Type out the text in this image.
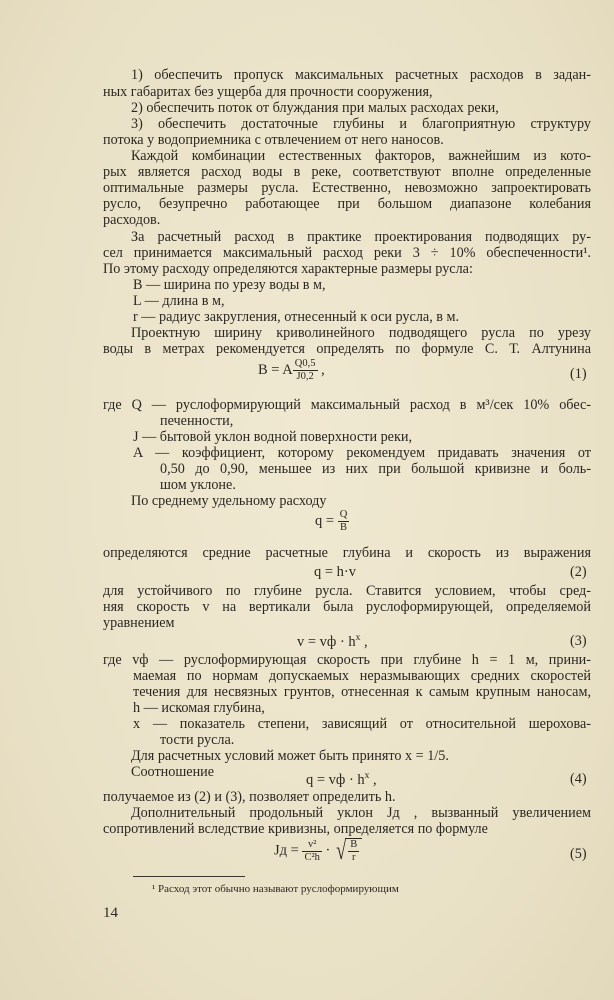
1) обеспечить пропуск максимальных расчетных расходов в задан-
ных габаритах без ущерба для прочности сооружения,
2) обеспечить поток от блуждания при малых расходах реки,
3) обеспечить достаточные глубины и благоприятную структуру
потока у водоприемника с отвлечением от него наносов.
Каждой комбинации естественных факторов, важнейшим из кото-
рых является расход воды в реке, соответствуют вполне определенные
оптимальные размеры русла. Естественно, невозможно запроектировать
русло, безупречно работающее при большом диапазоне колебания
расходов.
За расчетный расход в практике проектирования подводящих ру-
сел принимается максимальный расход реки 3 ÷ 10% обеспеченности¹.
По этому расходу определяются характерные размеры русла:
B — ширина по урезу воды в м,
L — длина в м,
r — радиус закругления, отнесенный к оси русла, в м.
Проектную ширину криволинейного подводящего русла по урезу
воды в метрах рекомендуется определять по формуле С. Т. Алтунина
B = A $\frac{Q0,5}{J0,2}$ ,	(1)
где Q — руслоформирующий максимальный расход в м³/сек 10% обес-
печенности,
J — бытовой уклон водной поверхности реки,
A — коэффициент, которому рекомендуем придавать значения от
0,50 до 0,90, меньшее из них при большой кривизне и боль-
шом уклоне.
По среднему удельному расходу
$q = \frac{Q}{B}$
определяются средние расчетные глубина и скорость из выражения
q = h·v	(2)
для устойчивого по глубине русла. Ставится условием, чтобы сред-
няя скорость v на вертикали была руслоформирующей, определяемой
уравнением
v = vф · $h^x$ ,	(3)
где vф — руслоформирующая скорость при глубине h = 1 м, прини-
маемая по нормам допускаемых неразмывающих средних скоростей
течения для несвязных грунтов, отнесенная к самым крупным наносам,
h — искомая глубина,
x — показатель степени, зависящий от относительной шерохова-
тости русла.
Для расчетных условий может быть принято x = 1/5.
Соотношение	q = vф · $h^x$ ,	(4)
получаемое из (2) и (3), позволяет определить h.
Дополнительный продольный уклон Jд , вызванный увеличением
сопротивлений вследствие кривизны, определяется по формуле
Jд = $\frac{\text{v²}}{\text{C²h}}$ · √ $\frac{B}{r}$	(5)
¹ Расход этот обычно называют руслоформирующим
14
